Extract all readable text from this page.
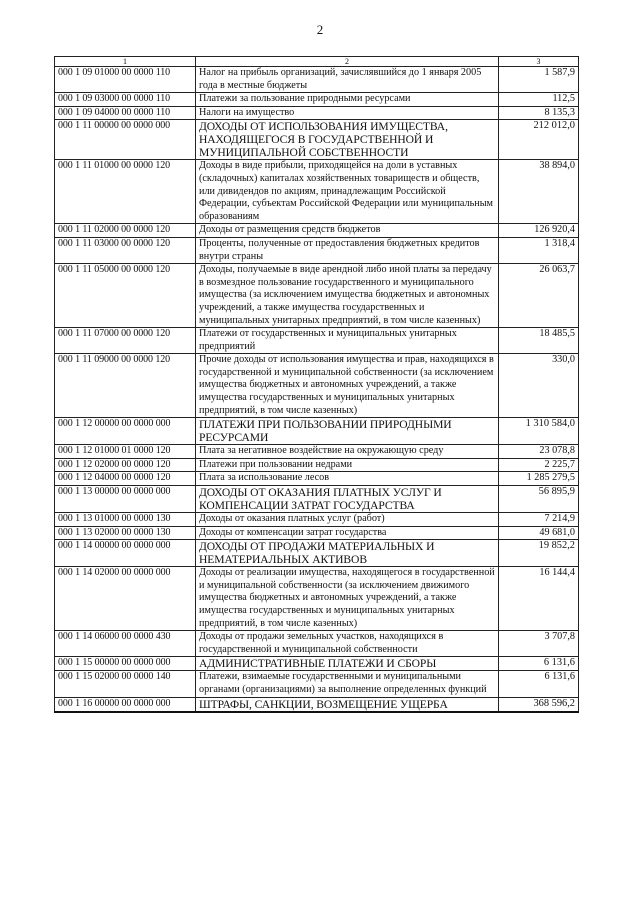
2
1	2	3
000 1 09 01000 00 0000 110	Налог на прибыль организаций, зачислявшийся до 1 января 2005 года в местные бюджеты	1 587,9
000 1 09 03000 00 0000 110	Платежи за пользование природными ресурсами	112,5
000 1 09 04000 00 0000 110	Налоги на имущество	8 135,3
000 1 11 00000 00 0000 000	ДОХОДЫ ОТ ИСПОЛЬЗОВАНИЯ ИМУЩЕСТВА, НАХОДЯЩЕГОСЯ В ГОСУДАРСТВЕННОЙ И МУНИЦИПАЛЬНОЙ СОБСТВЕННОСТИ	212 012,0
000 1 11 01000 00 0000 120	Доходы в виде прибыли, приходящейся на доли в уставных (складочных) капиталах хозяйственных товариществ и обществ, или дивидендов по акциям, принадлежащим Российской Федерации, субъектам Российской Федерации или муниципальным образованиям	38 894,0
000 1 11 02000 00 0000 120	Доходы от размещения средств бюджетов	126 920,4
000 1 11 03000 00 0000 120	Проценты, полученные от предоставления бюджетных кредитов внутри страны	1 318,4
000 1 11 05000 00 0000 120	Доходы, получаемые в виде арендной либо иной платы за передачу в возмездное пользование государственного и муниципального имущества (за исключением имущества бюджетных и автономных учреждений, а также имущества государственных и муниципальных унитарных предприятий, в том числе казенных)	26 063,7
000 1 11 07000 00 0000 120	Платежи от государственных и муниципальных унитарных предприятий	18 485,5
000 1 11 09000 00 0000 120	Прочие доходы от использования имущества и прав, находящихся в государственной и муниципальной собственности (за исключением имущества бюджетных и автономных учреждений, а также имущества государственных и муниципальных унитарных предприятий, в том числе казенных)	330,0
000 1 12 00000 00 0000 000	ПЛАТЕЖИ ПРИ ПОЛЬЗОВАНИИ ПРИРОДНЫМИ РЕСУРСАМИ	1 310 584,0
000 1 12 01000 01 0000 120	Плата за негативное воздействие на окружающую среду	23 078,8
000 1 12 02000 00 0000 120	Платежи при пользовании недрами	2 225,7
000 1 12 04000 00 0000 120	Плата за использование лесов	1 285 279,5
000 1 13 00000 00 0000 000	ДОХОДЫ ОТ ОКАЗАНИЯ ПЛАТНЫХ УСЛУГ И КОМПЕНСАЦИИ ЗАТРАТ ГОСУДАРСТВА	56 895,9
000 1 13 01000 00 0000 130	Доходы от оказания платных услуг (работ)	7 214,9
000 1 13 02000 00 0000 130	Доходы от компенсации затрат государства	49 681,0
000 1 14 00000 00 0000 000	ДОХОДЫ ОТ ПРОДАЖИ МАТЕРИАЛЬНЫХ И НЕМАТЕРИАЛЬНЫХ АКТИВОВ	19 852,2
000 1 14 02000 00 0000 000	Доходы от реализации имущества, находящегося в государственной и муниципальной собственности (за исключением движимого имущества бюджетных и автономных учреждений, а также имущества государственных и муниципальных унитарных предприятий, в том числе казенных)	16 144,4
000 1 14 06000 00 0000 430	Доходы от продажи земельных участков, находящихся в государственной и муниципальной собственности	3 707,8
000 1 15 00000 00 0000 000	АДМИНИСТРАТИВНЫЕ ПЛАТЕЖИ И СБОРЫ	6 131,6
000 1 15 02000 00 0000 140	Платежи, взимаемые государственными и муниципальными органами (организациями) за выполнение определенных функций	6 131,6
000 1 16 00000 00 0000 000	ШТРАФЫ, САНКЦИИ, ВОЗМЕЩЕНИЕ УЩЕРБА	368 596,2
